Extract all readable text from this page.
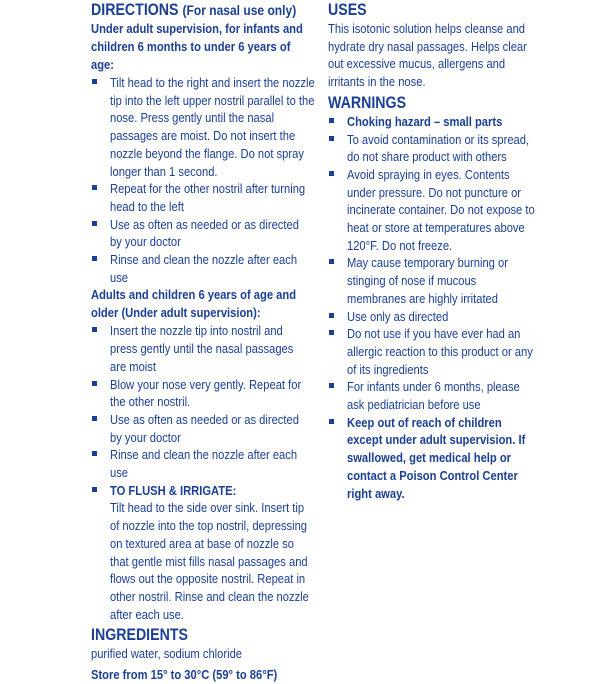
DIRECTIONS (For nasal use only)

Under adult supervision, for infants and children 6 months to under 6 years of age:

Tilt head to the right and insert the nozzle tip into the left upper nostril parallel to the nose. Press gently until the nasal passages are moist. Do not insert the nozzle beyond the flange. Do not spray longer than 1 second.
Repeat for the other nostril after turning head to the left
Use as often as needed or as directed by your doctor
Rinse and clean the nozzle after each use

Adults and children 6 years of age and older (Under adult supervision):

Insert the nozzle tip into nostril and press gently until the nasal passages are moist
Blow your nose very gently. Repeat for the other nostril.
Use as often as needed or as directed by your doctor
Rinse and clean the nozzle after each use
TO FLUSH & IRRIGATE:

Tilt head to the side over sink. Insert tip of nozzle into the top nostril, depressing on textured area at base of nozzle so that gentle mist fills nasal passages and flows out the opposite nostril. Repeat in other nostril. Rinse and clean the nozzle after each use.

INGREDIENTS

purified water, sodium chloride

Store from 15° to 30°C (59° to 86°F)

USES

This isotonic solution helps cleanse and hydrate dry nasal passages. Helps clear out excessive mucus, allergens and irritants in the nose.

WARNINGS
Choking hazard – small parts
To avoid contamination or its spread, do not share product with others
Avoid spraying in eyes. Contents under pressure. Do not puncture or incinerate container. Do not expose to heat or store at temperatures above 120°F. Do not freeze.
May cause temporary burning or stinging of nose if mucous membranes are highly irritated
Use only as directed
Do not use if you have ever had an allergic reaction to this product or any of its ingredients
For infants under 6 months, please ask pediatrician before use
Keep out of reach of children except under adult supervision. If swallowed, get medical help or contact a Poison Control Center right away.
